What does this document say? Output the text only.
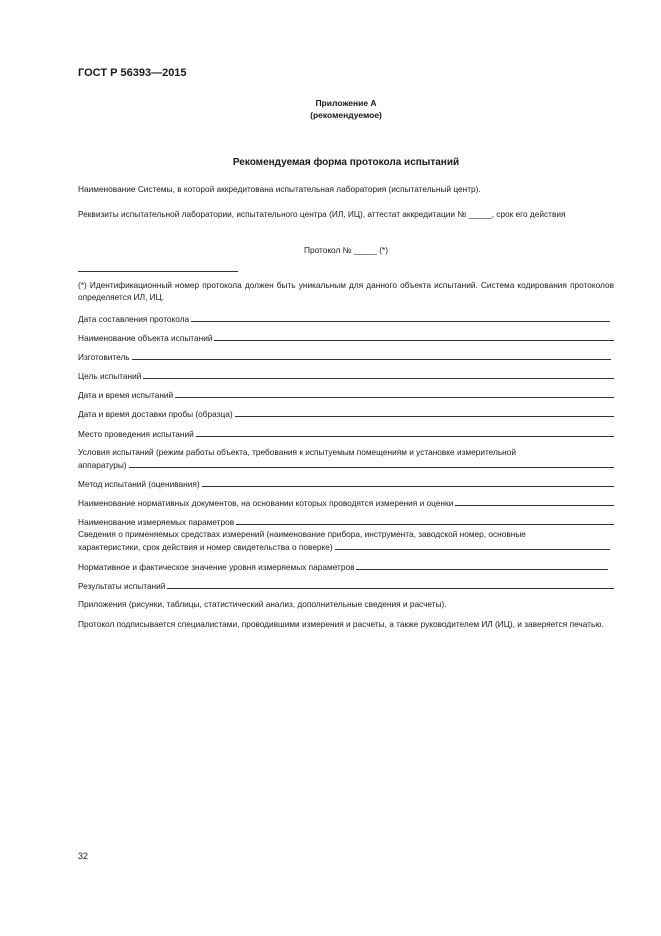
ГОСТ Р 56393—2015
Приложение А
(рекомендуемое)
Рекомендуемая форма протокола испытаний
Наименование Системы, в которой аккредитована испытательная лаборатория (испытательный центр).
Реквизиты испытательной лаборатории, испытательного центра (ИЛ, ИЦ), аттестат аккредитации № _____, срок его действия
Протокол № _____ (*)
(*) Идентификационный номер протокола должен быть уникальным для данного объекта испытаний. Система кодирования протоколов определяется ИЛ, ИЦ.
Дата составления протокола
Наименование объекта испытаний
Изготовитель
Цель испытаний
Дата и время испытаний
Дата и время доставки пробы (образца)
Место проведения испытаний
Условия испытаний (режим работы объекта, требования к испытуемым помещениям и установке измерительной
аппаратуры)
Метод испытаний (оценивания)
Наименование нормативных документов, на основании которых проводятся измерения и оценки
Наименование измеряемых параметров
Сведения о применяемых средствах измерений (наименование прибора, инструмента, заводской номер, основные
характеристики, срок действия и номер свидетельства о поверке)
Нормативное и фактическое значение уровня измеряемых параметров
Результаты испытаний
Приложения (рисунки, таблицы, статистический анализ, дополнительные сведения и расчеты).
Протокол подписывается специалистами, проводившими измерения и расчеты, а также руководителем ИЛ (ИЦ), и заверяется печатью.
32
